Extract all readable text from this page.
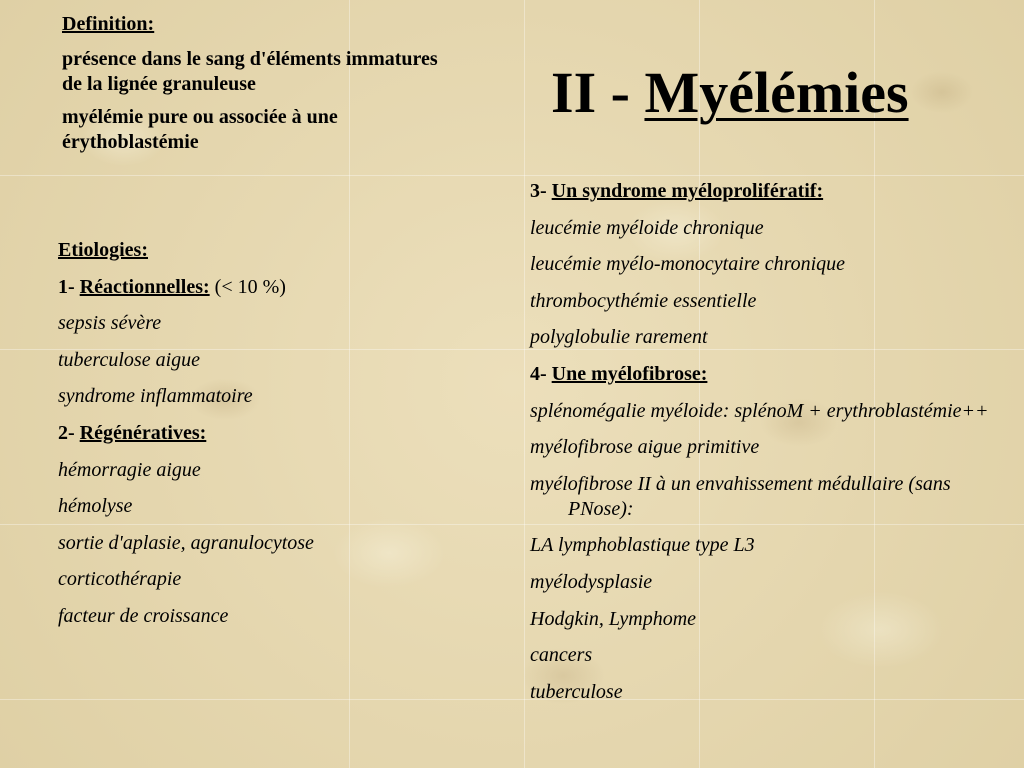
II - Myélémies

Definition:

présence dans le sang d'éléments immatures de la lignée granuleuse

myélémie pure ou associée à une érythoblastémie

Etiologies:
1- Réactionnelles: (< 10 %)
sepsis sévère
tuberculose aigue
syndrome inflammatoire
2- Régénératives:
hémorragie aigue
hémolyse
sortie d'aplasie, agranulocytose
corticothérapie
facteur de croissance
3- Un syndrome myéloprolifératif:
leucémie myéloide chronique
leucémie myélo-monocytaire chronique
thrombocythémie essentielle
polyglobulie rarement
4- Une myélofibrose:
splénomégalie myéloide: splénoM + erythroblastémie++
myélofibrose aigue primitive
myélofibrose II à un envahissement médullaire (sans PNose):
LA lymphoblastique type L3
myélodysplasie
Hodgkin, Lymphome
cancers
tuberculose
